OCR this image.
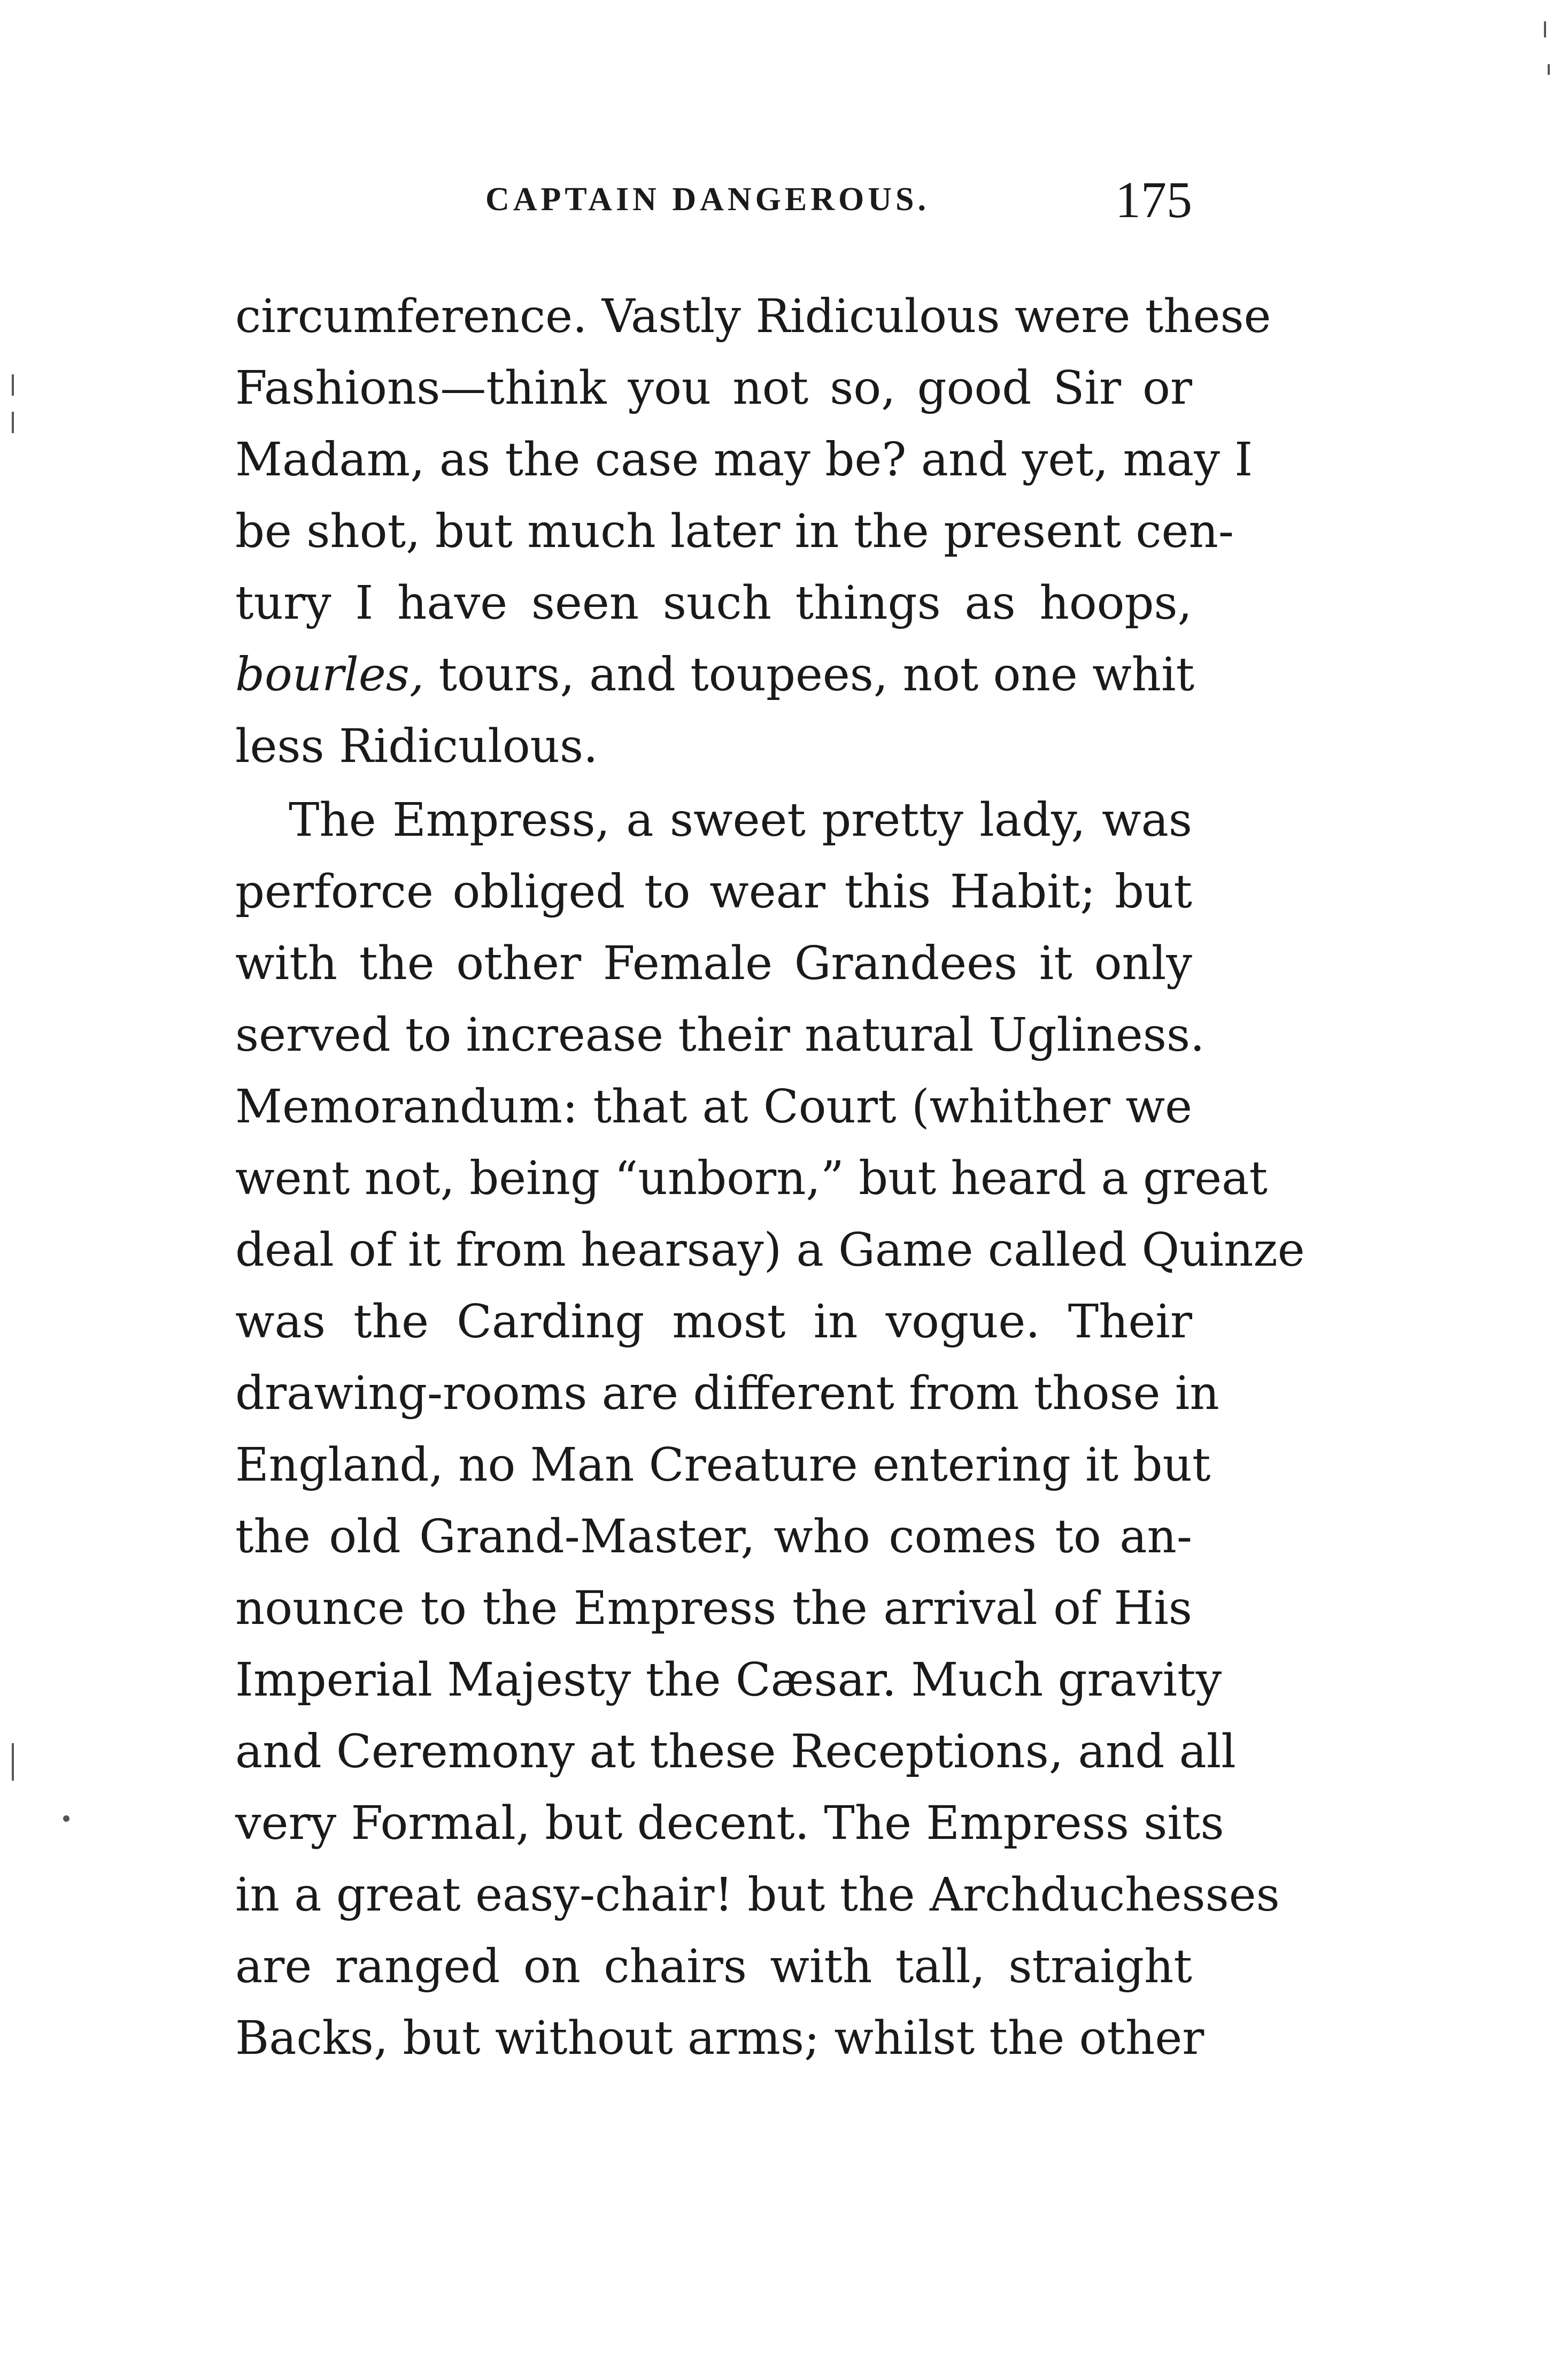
CAPTAIN DANGEROUS.	175
circumference. Vastly Ridiculous were these
Fashions—think you not so, good Sir or
Madam, as the case may be? and yet, may I
be shot, but much later in the present cen-
tury I have seen such things as hoops,
bourles, tours, and toupees, not one whit
less Ridiculous.
The Empress, a sweet pretty lady, was
perforce obliged to wear this Habit; but
with the other Female Grandees it only
served to increase their natural Ugliness.
Memorandum: that at Court (whither we
went not, being “unborn,” but heard a great
deal of it from hearsay) a Game called Quinze
was the Carding most in vogue. Their
drawing-rooms are different from those in
England, no Man Creature entering it but
the old Grand-Master, who comes to an-
nounce to the Empress the arrival of His
Imperial Majesty the Cæsar. Much gravity
and Ceremony at these Receptions, and all
very Formal, but decent. The Empress sits
in a great easy-chair! but the Archduchesses
are ranged on chairs with tall, straight
Backs, but without arms; whilst the other
